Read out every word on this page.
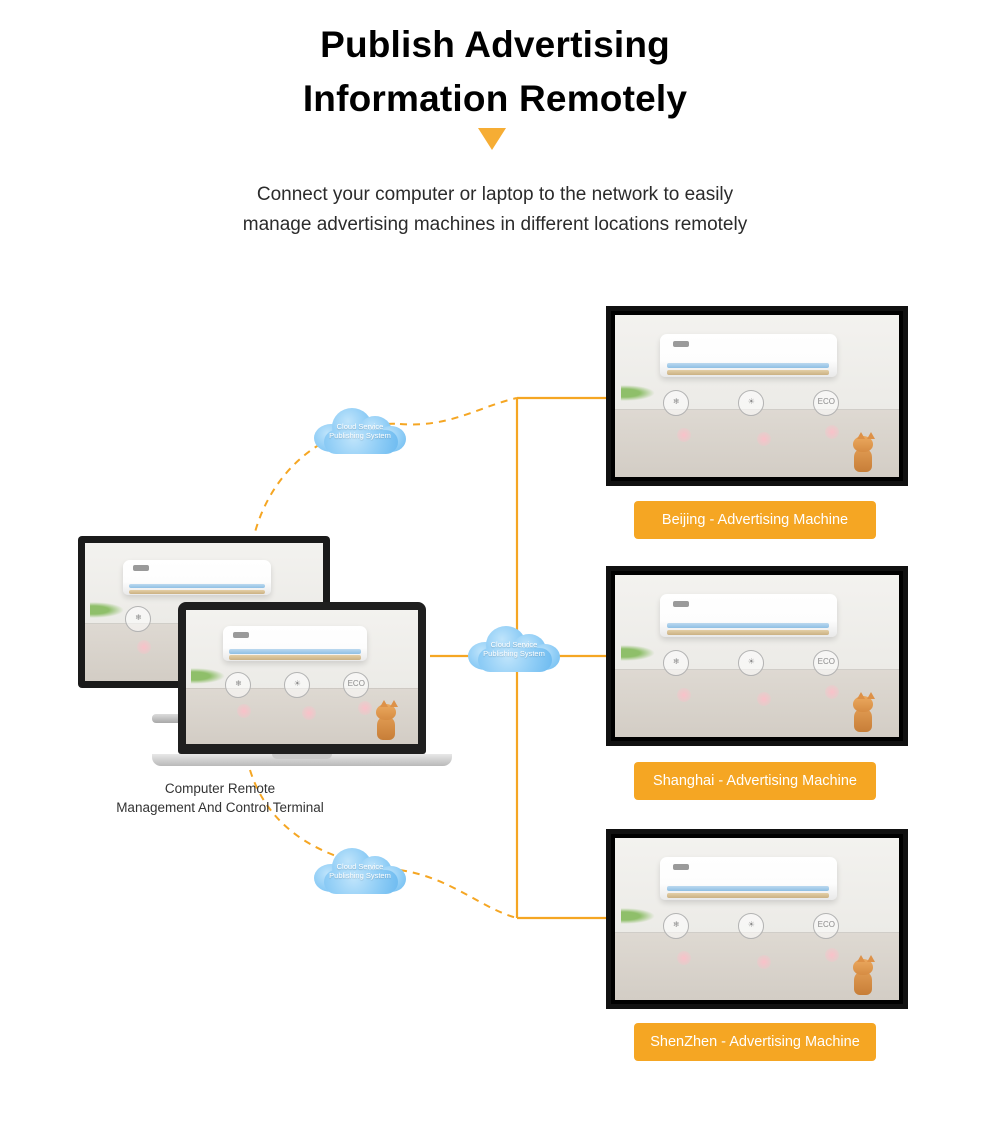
Publish Advertising
Information Remotely
Connect your computer or laptop to the network to easily
manage advertising machines in different locations remotely
❄
❄	☀	ECO
Computer Remote
Management And Control Terminal
Cloud Service
Publishing System
Cloud Service
Publishing System
Cloud Service
Publishing System
❄	☀	ECO
Beijing - Advertising Machine
❄	☀	ECO
Shanghai - Advertising Machine
❄	☀	ECO
ShenZhen - Advertising Machine
